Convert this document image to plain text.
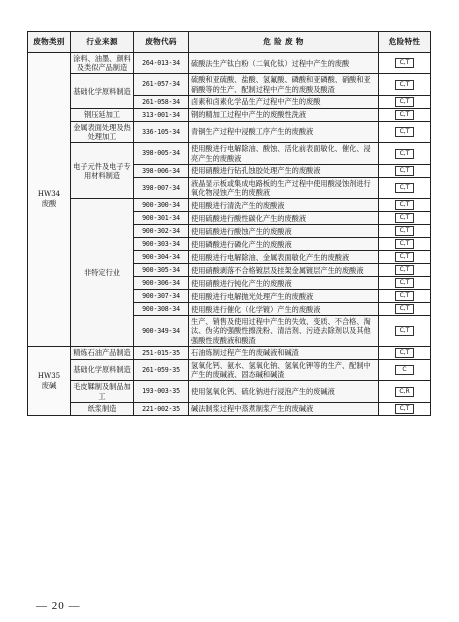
废物类别	行业来源	废物代码	危 险 废 物	危险特性

HW34
废酸	涂料、油墨、颜料及类似产品制造	264-013-34	硫酸法生产钛白粉（二氧化钛）过程中产生的废酸	C,T
	基础化学原料制造	261-057-34	硫酸和亚硫酸、盐酸、氢氟酸、磷酸和亚磷酸、硝酸和亚硝酸等的生产、配制过程中产生的废酸及酸渣	C,T
		261-058-34	卤素和卤素化学品生产过程中产生的废酸	C,T
	钢压延加工	313-001-34	钢的精加工过程中产生的废酸性洗液	C,T
	金属表面处理及热处理加工	336-105-34	青铜生产过程中浸酸工序产生的废酸液	C,T
	电子元件及电子专用材料制造	398-005-34	使用酸进行电解除油、酸蚀、活化前表面敏化、催化、浸亮产生的废酸液	C,T
		398-006-34	使用硝酸进行钻孔蚀胶处理产生的废酸液	C,T
		398-007-34	液晶显示板或集成电路板的生产过程中使用酸浸蚀剂进行氧化物浸蚀产生的废酸液	C,T
	非特定行业	900-300-34	使用酸进行清洗产生的废酸液	C,T
		900-301-34	使用硫酸进行酸性碳化产生的废酸液	C,T
		900-302-34	使用硫酸进行酸蚀产生的废酸液	C,T
		900-303-34	使用磷酸进行磷化产生的废酸液	C,T
		900-304-34	使用酸进行电解除油、金属表面敏化产生的废酸液	C,T
		900-305-34	使用硝酸剥落不合格镀层及挂架金属镀层产生的废酸液	C,T
		900-306-34	使用硝酸进行钝化产生的废酸液	C,T
		900-307-34	使用酸进行电解抛光处理产生的废酸液	C,T
		900-308-34	使用酸进行催化（化学镀）产生的废酸液	C,T
		900-349-34	生产、销售及使用过程中产生的失效、变质、不合格、淘汰、伪劣的强酸性擦洗粉、清洁剂、污迹去除剂以及其他强酸性废酸液和酸渣	C,T

HW35
废碱	精炼石油产品制造	251-015-35	石油炼制过程产生的废碱液和碱渣	C,T
	基础化学原料制造	261-059-35	氢氧化钙、氨水、氢氧化钠、氢氧化钾等的生产、配制中产生的废碱液、固态碱和碱渣	C
	毛皮鞣制及制品加工	193-003-35	使用氢氧化钙、硫化钠进行浸泡产生的废碱液	C,R
	纸浆制造	221-002-35	碱法制浆过程中蒸煮制浆产生的废碱液	C,T
— 20 —
